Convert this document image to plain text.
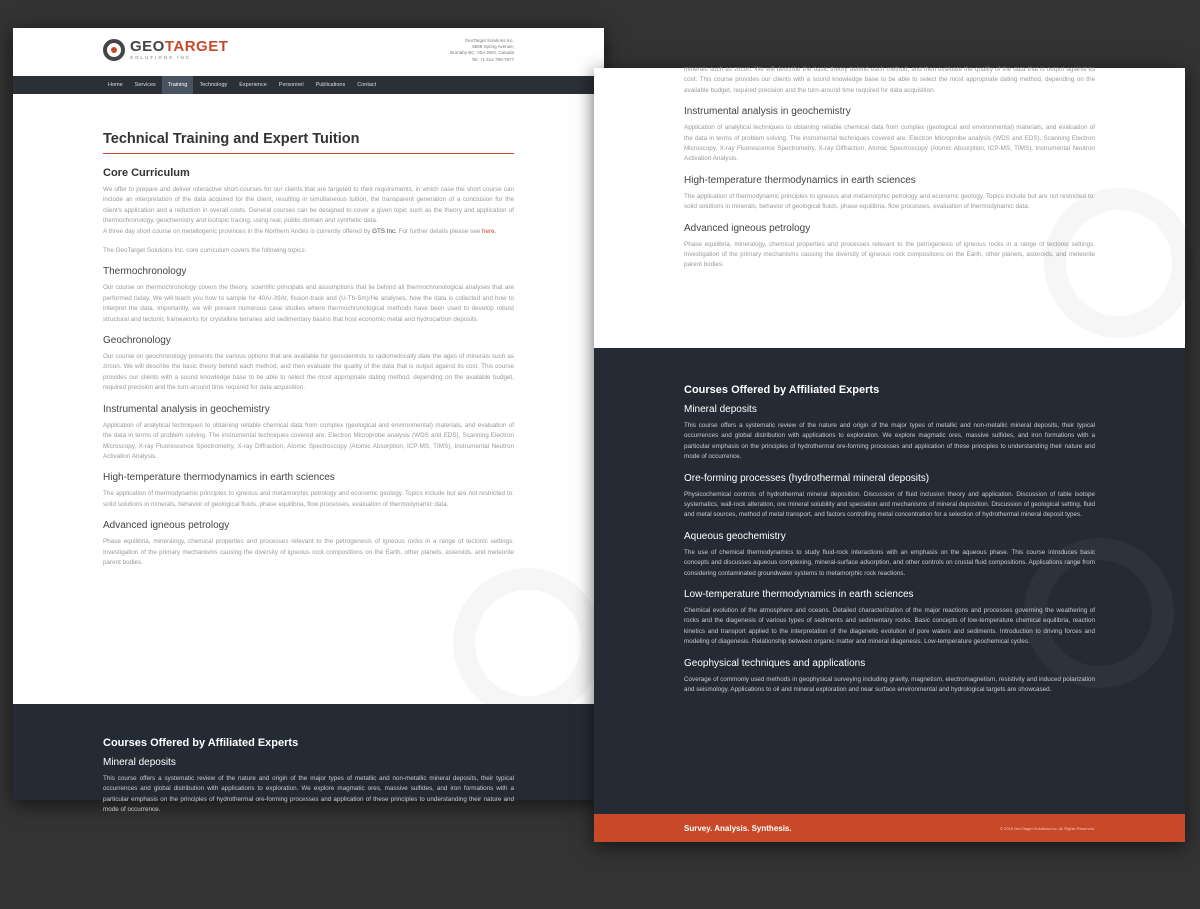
GEOTARGET
SOLUTIONS INC.
GeoTarget Solutions Inc.
6868 Spring Avenue,
Burnaby BC, V5A 2W3, Canada
Tel: +1 514 790-7577
Home	Services	Training	Technology	Experience	Personnel	Publications	Contact
Technical Training and Expert Tuition
Core Curriculum

We offer to prepare and deliver interactive short-courses for our clients that are targeted to their requirements, in which case the short course can include an interpretation of the data acquired for the client, resulting in simultaneous tuition, the transparent generation of a conclusion for the client's application and a reduction in overall costs. General courses can be designed to cover a given topic such as the theory and application of thermochronology, geochemistry and isotopic tracing, using real, public domain and synthetic data.

A three day short course on metallogenic provinces in the Northern Andes is currently offered by GTS Inc. For further details please see here.

The GeoTarget Solutions Inc. core curriculum covers the following topics:

Thermochronology

Our course on thermochronology covers the theory, scientific principals and assumptions that lie behind all thermochronological analyses that are performed today. We will teach you how to sample for 40Ar-39Ar, fission-track and (U-Th-Sm)/He analyses, how the data is collected and how to interpret the data. Importantly, we will present numerous case studies where thermochronological methods have been used to develop robust structural and tectonic frameworks for crystalline terranes and sedimentary basins that host economic metal and hydrocarbon deposits.

Geochronology

Our course on geochronology presents the various options that are available for geoscientists to radiometrically date the ages of minerals such as zircon. We will describe the basic theory behind each method, and then evaluate the quality of the data that is output against its cost. This course provides our clients with a sound knowledge base to be able to select the most appropriate dating method, depending on the available budget, required precision and the turn-around time required for data acquisition.

Instrumental analysis in geochemistry

Application of analytical techniques to obtaining reliable chemical data from complex (geological and environmental) materials, and evaluation of the data in terms of problem solving. The instrumental techniques covered are: Electron Microprobe analysis (WDS and EDS), Scanning Electron Microscopy, X-ray Fluorescence Spectrometry, X-ray Diffraction, Atomic Spectroscopy (Atomic Absorption, ICP-MS, TIMS), Instrumental Neutron Activation Analysis.

High-temperature thermodynamics in earth sciences

The application of thermodynamic principles to igneous and metamorphic petrology and economic geology. Topics include but are not restricted to: solid solutions in minerals, behavior of geological fluids, phase equilibria, flow processes, evaluation of thermodynamic data.

Advanced igneous petrology

Phase equilibria, mineralogy, chemical properties and processes relevant to the petrogenesis of igneous rocks in a range of tectonic settings. Investigation of the primary mechanisms causing the diversity of igneous rock compositions on the Earth, other planets, asteroids, and meteorite parent bodies.

Courses Offered by Affiliated Experts
Mineral deposits

This course offers a systematic review of the nature and origin of the major types of metallic and non-metallic mineral deposits, their typical occurrences and global distribution with applications to exploration. We explore magmatic ores, massive sulfides, and iron formations with a particular emphasis on the principles of hydrothermal ore-forming processes and application of these principles to understanding their nature and mode of occurrence.

minerals such as zircon. We will describe the basic theory behind each method, and then evaluate the quality of the data that is output against its cost. This course provides our clients with a sound knowledge base to be able to select the most appropriate dating method, depending on the available budget, required precision and the turn-around time required for data acquisition.

Instrumental analysis in geochemistry

Application of analytical techniques to obtaining reliable chemical data from complex (geological and environmental) materials, and evaluation of the data in terms of problem solving. The instrumental techniques covered are: Electron Microprobe analysis (WDS and EDS), Scanning Electron Microscopy, X-ray Fluorescence Spectrometry, X-ray Diffraction, Atomic Spectroscopy (Atomic Absorption, ICP-MS, TIMS), Instrumental Neutron Activation Analysis.

High-temperature thermodynamics in earth sciences

The application of thermodynamic principles to igneous and metamorphic petrology and economic geology. Topics include but are not restricted to: solid solutions in minerals, behavior of geological fluids, phase equilibria, flow processes, evaluation of thermodynamic data.

Advanced igneous petrology

Phase equilibria, mineralogy, chemical properties and processes relevant to the petrogenesis of igneous rocks in a range of tectonic settings. Investigation of the primary mechanisms causing the diversity of igneous rock compositions on the Earth, other planets, asteroids, and meteorite parent bodies.

Courses Offered by Affiliated Experts
Mineral deposits

This course offers a systematic review of the nature and origin of the major types of metallic and non-metallic mineral deposits, their typical occurrences and global distribution with applications to exploration. We explore magmatic ores, massive sulfides, and iron formations with a particular emphasis on the principles of hydrothermal ore-forming processes and application of these principles to understanding their nature and mode of occurrence.

Ore-forming processes (hydrothermal mineral deposits)

Physicochemical controls of hydrothermal mineral deposition. Discussion of fluid inclusion theory and application. Discussion of table isotope systematics, wall-rock alteration, ore mineral solubility and speciation and mechanisms of mineral deposition. Discussion of geological setting, fluid and metal sources, method of metal transport, and factors controlling metal concentration for a selection of hydrothermal mineral deposit types.

Aqueous geochemistry

The use of chemical thermodynamics to study fluid-rock interactions with an emphasis on the aqueous phase. This course introduces basic concepts and discusses aqueous complexing, mineral-surface adsorption, and other controls on crustal fluid compositions. Applications range from considering contaminated groundwater systems to metamorphic rock reactions.

Low-temperature thermodynamics in earth sciences

Chemical evolution of the atmosphere and oceans. Detailed characterization of the major reactions and processes governing the weathering of rocks and the diagenesis of various types of sediments and sedimentary rocks. Basic concepts of low-temperature chemical equilibria, reaction kinetics and transport applied to the interpretation of the diagenetic evolution of pore waters and sediments. Introduction to driving forces and modeling of diagenesis. Relationship between organic matter and mineral diagenesis. Low-temperature geochemical cycles.

Geophysical techniques and applications

Coverage of commonly used methods in geophysical surveying including gravity, magnetism, electromagnetism, resistivity and induced polarization and seismology. Applications to oil and mineral exploration and near surface environmental and hydrological targets are showcased.

Survey. Analysis. Synthesis.	© 2016 GeoTarget Solutions Inc. All Rights Reserved.
